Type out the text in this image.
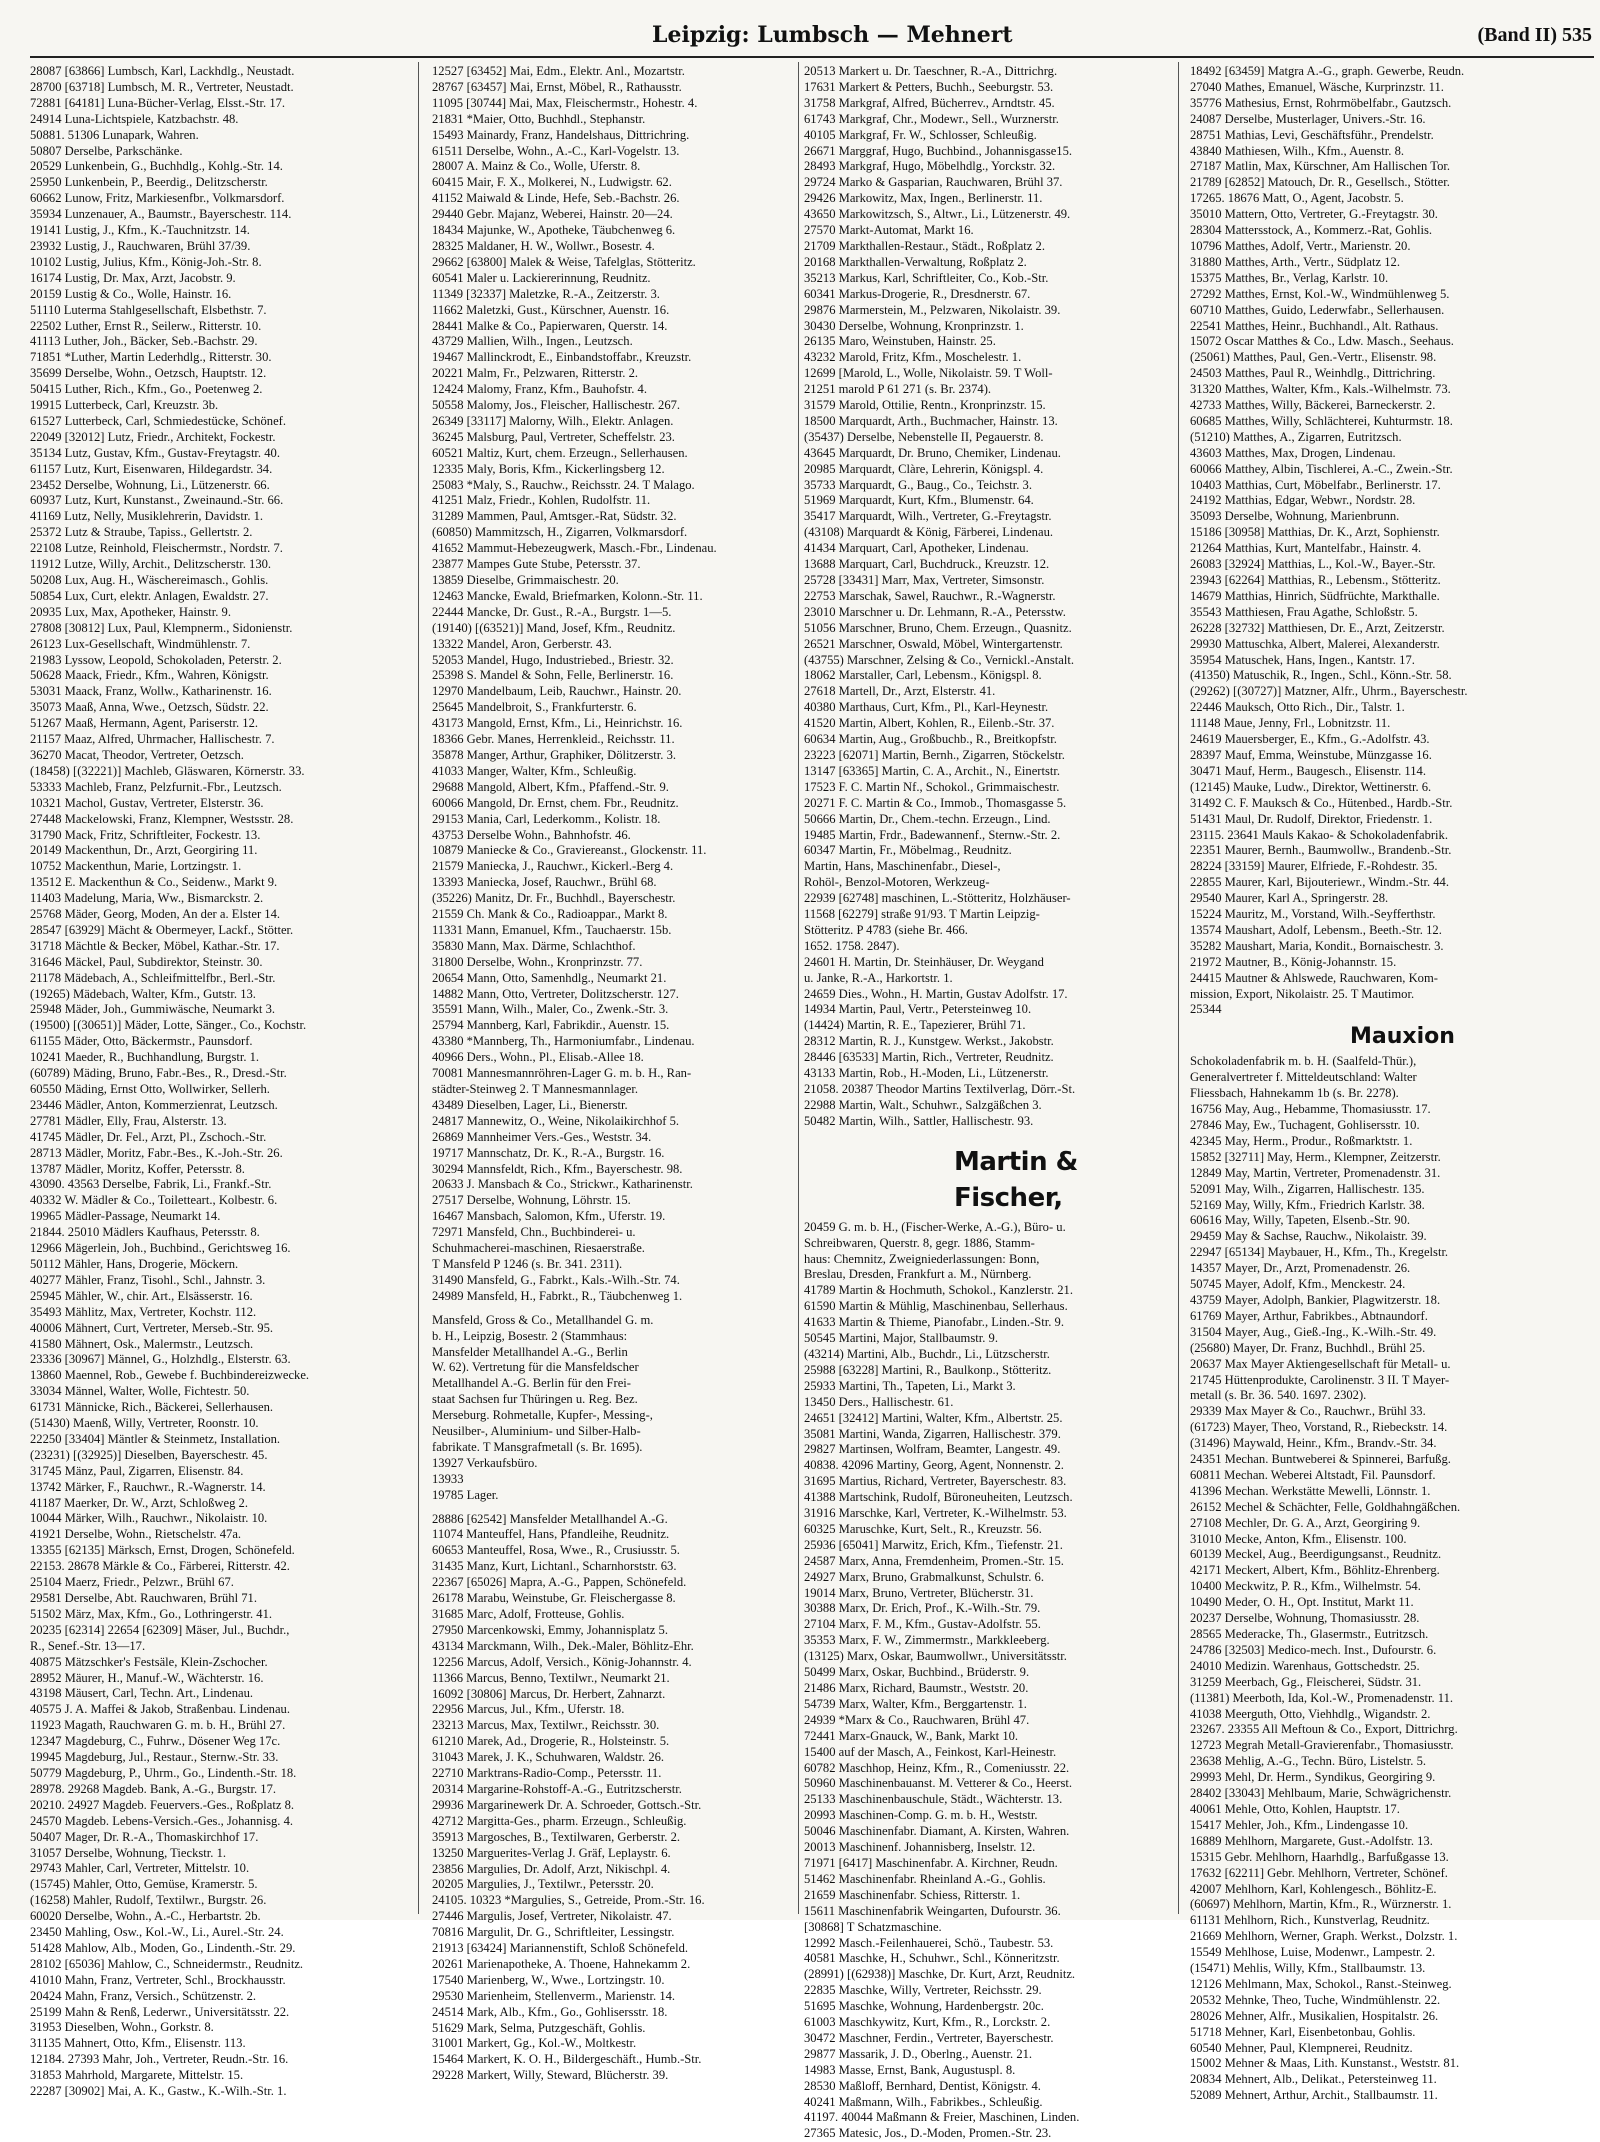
Leipzig: Lumbsch — Mehnert	(Band II) 535
28087 [63866] Lumbsch, Karl, Lackhdlg., Neustadt.
28700 [63718] Lumbsch, M. R., Vertreter, Neustadt.
72881 [64181] Luna-Bücher-Verlag, Elsst.-Str. 17.
24914 Luna-Lichtspiele, Katzbachstr. 48.
50881. 51306 Lunapark, Wahren.
50807 Derselbe, Parkschänke.
20529 Lunkenbein, G., Buchhdlg., Kohlg.-Str. 14.
25950 Lunkenbein, P., Beerdig., Delitzscherstr.
60662 Lunow, Fritz, Markiesenfbr., Volkmarsdorf.
35934 Lunzenauer, A., Baumstr., Bayerschestr. 114.
19141 Lustig, J., Kfm., K.-Tauchnitzstr. 14.
23932 Lustig, J., Rauchwaren, Brühl 37/39.
10102 Lustig, Julius, Kfm., König-Joh.-Str. 8.
16174 Lustig, Dr. Max, Arzt, Jacobstr. 9.
20159 Lustig & Co., Wolle, Hainstr. 16.
51110 Luterma Stahlgesellschaft, Elsbethstr. 7.
22502 Luther, Ernst R., Seilerw., Ritterstr. 10.
41113 Luther, Joh., Bäcker, Seb.-Bachstr. 29.
71851 *Luther, Martin Lederhdlg., Ritterstr. 30.
35699 Derselbe, Wohn., Oetzsch, Hauptstr. 12.
50415 Luther, Rich., Kfm., Go., Poetenweg 2.
19915 Lutterbeck, Carl, Kreuzstr. 3b.
61527 Lutterbeck, Carl, Schmiedestücke, Schönef.
22049 [32012] Lutz, Friedr., Architekt, Fockestr.
35134 Lutz, Gustav, Kfm., Gustav-Freytagstr. 40.
61157 Lutz, Kurt, Eisenwaren, Hildegardstr. 34.
23452 Derselbe, Wohnung, Li., Lützenerstr. 66.
60937 Lutz, Kurt, Kunstanst., Zweinaund.-Str. 66.
41169 Lutz, Nelly, Musiklehrerin, Davidstr. 1.
25372 Lutz & Straube, Tapiss., Gellertstr. 2.
22108 Lutze, Reinhold, Fleischermstr., Nordstr. 7.
11912 Lutze, Willy, Archit., Delitzscherstr. 130.
50208 Lux, Aug. H., Wäschereimasch., Gohlis.
50854 Lux, Curt, elektr. Anlagen, Ewaldstr. 27.
20935 Lux, Max, Apotheker, Hainstr. 9.
27808 [30812] Lux, Paul, Klempnerm., Sidonienstr.
26123 Lux-Gesellschaft, Windmühlenstr. 7.
21983 Lyssow, Leopold, Schokoladen, Peterstr. 2.
50628 Maack, Friedr., Kfm., Wahren, Königstr.
53031 Maack, Franz, Wollw., Katharinenstr. 16.
35073 Maaß, Anna, Wwe., Oetzsch, Südstr. 22.
51267 Maaß, Hermann, Agent, Pariserstr. 12.
21157 Maaz, Alfred, Uhrmacher, Hallischestr. 7.
36270 Macat, Theodor, Vertreter, Oetzsch.
(18458) [(32221)] Machleb, Gläswaren, Körnerstr. 33.
53333 Machleb, Franz, Pelzfurnit.-Fbr., Leutzsch.
10321 Machol, Gustav, Vertreter, Elsterstr. 36.
27448 Mackelowski, Franz, Klempner, Westsstr. 28.
31790 Mack, Fritz, Schriftleiter, Fockestr. 13.
20149 Mackenthun, Dr., Arzt, Georgiring 11.
10752 Mackenthun, Marie, Lortzingstr. 1.
13512 E. Mackenthun & Co., Seidenw., Markt 9.
11403 Madelung, Maria, Ww., Bismarckstr. 2.
25768 Mäder, Georg, Moden, An der a. Elster 14.
28547 [63929] Mächt & Obermeyer, Lackf., Stötter.
31718 Mächtle & Becker, Möbel, Kathar.-Str. 17.
31646 Mäckel, Paul, Subdirektor, Steinstr. 30.
21178 Mädebach, A., Schleifmittelfbr., Berl.-Str.
(19265) Mädebach, Walter, Kfm., Gutstr. 13.
25948 Mäder, Joh., Gummiwäsche, Neumarkt 3.
(19500) [(30651)] Mäder, Lotte, Sänger., Co., Kochstr.
61155 Mäder, Otto, Bäckermstr., Paunsdorf.
10241 Maeder, R., Buchhandlung, Burgstr. 1.
(60789) Mäding, Bruno, Fabr.-Bes., R., Dresd.-Str.
60550 Mäding, Ernst Otto, Wollwirker, Sellerh.
23446 Mädler, Anton, Kommerzienrat, Leutzsch.
27781 Mädler, Elly, Frau, Alsterstr. 13.
41745 Mädler, Dr. Fel., Arzt, Pl., Zschoch.-Str.
28713 Mädler, Moritz, Fabr.-Bes., K.-Joh.-Str. 26.
13787 Mädler, Moritz, Koffer, Petersstr. 8.
43090. 43563 Derselbe, Fabrik, Li., Frankf.-Str.
40332 W. Mädler & Co., Toiletteart., Kolbestr. 6.
19965 Mädler-Passage, Neumarkt 14.
21844. 25010 Mädlers Kaufhaus, Petersstr. 8.
12966 Mägerlein, Joh., Buchbind., Gerichtsweg 16.
50112 Mähler, Hans, Drogerie, Möckern.
40277 Mähler, Franz, Tisohl., Schl., Jahnstr. 3.
25945 Mähler, W., chir. Art., Elsässerstr. 16.
35493 Mählitz, Max, Vertreter, Kochstr. 112.
40006 Mähnert, Curt, Vertreter, Merseb.-Str. 95.
41580 Mähnert, Osk., Malermstr., Leutzsch.
23336 [30967] Männel, G., Holzhdlg., Elsterstr. 63.
13860 Maennel, Rob., Gewebe f. Buchbindereizwecke.
33034 Männel, Walter, Wolle, Fichtestr. 50.
61731 Männicke, Rich., Bäckerei, Sellerhausen.
(51430) Maenß, Willy, Vertreter, Roonstr. 10.
22250 [33404] Mäntler & Steinmetz, Installation.
(23231) [(32925)] Dieselben, Bayerschestr. 45.
31745 Mänz, Paul, Zigarren, Elisenstr. 84.
13742 Märker, F., Rauchwr., R.-Wagnerstr. 14.
41187 Maerker, Dr. W., Arzt, Schloßweg 2.
10044 Märker, Wilh., Rauchwr., Nikolaistr. 10.
41921 Derselbe, Wohn., Rietschelstr. 47a.
13355 [62135] Märksch, Ernst, Drogen, Schönefeld.
22153. 28678 Märkle & Co., Färberei, Ritterstr. 42.
25104 Maerz, Friedr., Pelzwr., Brühl 67.
29581 Derselbe, Abt. Rauchwaren, Brühl 71.
51502 März, Max, Kfm., Go., Lothringerstr. 41.
20235 [62314] 22654 [62309] Mäser, Jul., Buchdr.,
R., Senef.-Str. 13—17.
40875 Mätzschker's Festsäle, Klein-Zschocher.
28952 Mäurer, H., Manuf.-W., Wächterstr. 16.
43198 Mäusert, Carl, Techn. Art., Lindenau.
40575 J. A. Maffei & Jakob, Straßenbau. Lindenau.
11923 Magath, Rauchwaren G. m. b. H., Brühl 27.
12347 Magdeburg, C., Fuhrw., Dösener Weg 17c.
19945 Magdeburg, Jul., Restaur., Sternw.-Str. 33.
50779 Magdeburg, P., Uhrm., Go., Lindenth.-Str. 18.
28978. 29268 Magdeb. Bank, A.-G., Burgstr. 17.
20210. 24927 Magdeb. Feuervers.-Ges., Roßplatz 8.
24570 Magdeb. Lebens-Versich.-Ges., Johannisg. 4.
50407 Mager, Dr. R.-A., Thomaskirchhof 17.
31057 Derselbe, Wohnung, Tieckstr. 1.
29743 Mahler, Carl, Vertreter, Mittelstr. 10.
(15745) Mahler, Otto, Gemüse, Kramerstr. 5.
(16258) Mahler, Rudolf, Textilwr., Burgstr. 26.
60020 Derselbe, Wohn., A.-C., Herbartstr. 2b.
23450 Mahling, Osw., Kol.-W., Li., Aurel.-Str. 24.
51428 Mahlow, Alb., Moden, Go., Lindenth.-Str. 29.
28102 [65036] Mahlow, C., Schneidermstr., Reudnitz.
41010 Mahn, Franz, Vertreter, Schl., Brockhausstr.
20424 Mahn, Franz, Versich., Schützenstr. 2.
25199 Mahn & Renß, Lederwr., Universitätsstr. 22.
31953 Dieselben, Wohn., Gorkstr. 8.
31135 Mahnert, Otto, Kfm., Elisenstr. 113.
12184. 27393 Mahr, Joh., Vertreter, Reudn.-Str. 16.
31853 Mahrhold, Margarete, Mittelstr. 15.
22287 [30902] Mai, A. K., Gastw., K.-Wilh.-Str. 1.
12527 [63452] Mai, Edm., Elektr. Anl., Mozartstr.
28767 [63457] Mai, Ernst, Möbel, R., Rathausstr.
11095 [30744] Mai, Max, Fleischermstr., Hohestr. 4.
21831 *Maier, Otto, Buchhdl., Stephanstr.
15493 Mainardy, Franz, Handelshaus, Dittrichring.
61511 Derselbe, Wohn., A.-C., Karl-Vogelstr. 13.
28007 A. Mainz & Co., Wolle, Uferstr. 8.
60415 Mair, F. X., Molkerei, N., Ludwigstr. 62.
41152 Maiwald & Linde, Hefe, Seb.-Bachstr. 26.
29440 Gebr. Majanz, Weberei, Hainstr. 20—24.
18434 Majunke, W., Apotheke, Täubchenweg 6.
28325 Maldaner, H. W., Wollwr., Bosestr. 4.
29662 [63800] Malek & Weise, Tafelglas, Stötteritz.
60541 Maler u. Lackiererinnung, Reudnitz.
11349 [32337] Maletzke, R.-A., Zeitzerstr. 3.
11662 Maletzki, Gust., Kürschner, Auenstr. 16.
28441 Malke & Co., Papierwaren, Querstr. 14.
43729 Mallien, Wilh., Ingen., Leutzsch.
19467 Mallinckrodt, E., Einbandstoffabr., Kreuzstr.
20221 Malm, Fr., Pelzwaren, Ritterstr. 2.
12424 Malomy, Franz, Kfm., Bauhofstr. 4.
50558 Malomy, Jos., Fleischer, Hallischestr. 267.
26349 [33117] Malorny, Wilh., Elektr. Anlagen.
36245 Malsburg, Paul, Vertreter, Scheffelstr. 23.
60521 Maltiz, Kurt, chem. Erzeugn., Sellerhausen.
12335 Maly, Boris, Kfm., Kickerlingsberg 12.
25083 *Maly, S., Rauchw., Reichsstr. 24. T Malago.
41251 Malz, Friedr., Kohlen, Rudolfstr. 11.
31289 Mammen, Paul, Amtsger.-Rat, Südstr. 32.
(60850) Mammitzsch, H., Zigarren, Volkmarsdorf.
41652 Mammut-Hebezeugwerk, Masch.-Fbr., Lindenau.
23877 Mampes Gute Stube, Petersstr. 37.
13859 Dieselbe, Grimmaischestr. 20.
12463 Mancke, Ewald, Briefmarken, Kolonn.-Str. 11.
22444 Mancke, Dr. Gust., R.-A., Burgstr. 1—5.
(19140) [(63521)] Mand, Josef, Kfm., Reudnitz.
13322 Mandel, Aron, Gerberstr. 43.
52053 Mandel, Hugo, Industriebed., Briestr. 32.
25398 S. Mandel & Sohn, Felle, Berlinerstr. 16.
12970 Mandelbaum, Leib, Rauchwr., Hainstr. 20.
25645 Mandelbroit, S., Frankfurterstr. 6.
43173 Mangold, Ernst, Kfm., Li., Heinrichstr. 16.
18366 Gebr. Manes, Herrenkleid., Reichsstr. 11.
35878 Manger, Arthur, Graphiker, Dölitzerstr. 3.
41033 Manger, Walter, Kfm., Schleußig.
29688 Mangold, Albert, Kfm., Pfaffend.-Str. 9.
60066 Mangold, Dr. Ernst, chem. Fbr., Reudnitz.
29153 Mania, Carl, Lederkomm., Kolistr. 18.
43753 Derselbe Wohn., Bahnhofstr. 46.
10879 Maniecke & Co., Graviereanst., Glockenstr. 11.
21579 Maniecka, J., Rauchwr., Kickerl.-Berg 4.
13393 Maniecka, Josef, Rauchwr., Brühl 68.
(35226) Manitz, Dr. Fr., Buchhdl., Bayerschestr.
21559 Ch. Mank & Co., Radioappar., Markt 8.
11331 Mann, Emanuel, Kfm., Tauchaerstr. 15b.
35830 Mann, Max. Därme, Schlachthof.
31800 Derselbe, Wohn., Kronprinzstr. 77.
20654 Mann, Otto, Samenhdlg., Neumarkt 21.
14882 Mann, Otto, Vertreter, Dolitzscherstr. 127.
35591 Mann, Wilh., Maler, Co., Zwenk.-Str. 3.
25794 Mannberg, Karl, Fabrikdir., Auenstr. 15.
43380 *Mannberg, Th., Harmoniumfabr., Lindenau.
40966 Ders., Wohn., Pl., Elisab.-Allee 18.
70081 Mannesmannröhren-Lager G. m. b. H., Ran-
städter-Steinweg 2. T Mannesmannlager.
43489 Dieselben, Lager, Li., Bienerstr.
24817 Mannewitz, O., Weine, Nikolaikirchhof 5.
26869 Mannheimer Vers.-Ges., Weststr. 34.
19717 Mannschatz, Dr. K., R.-A., Burgstr. 16.
30294 Mannsfeldt, Rich., Kfm., Bayerschestr. 98.
20633 J. Mansbach & Co., Strickwr., Katharinenstr.
27517 Derselbe, Wohnung, Löhrstr. 15.
16467 Mansbach, Salomon, Kfm., Uferstr. 19.
72971 Mansfeld, Chn., Buchbinderei- u.
Schuhmacherei-maschinen, Riesaerstraße.
T Mansfeld P 1246 (s. Br. 341. 2311).
31490 Mansfeld, G., Fabrkt., Kals.-Wilh.-Str. 74.
24989 Mansfeld, H., Fabrkt., R., Täubchenweg 1.

Mansfeld, Gross & Co., Metallhandel G. m.
b. H., Leipzig, Bosestr. 2 (Stammhaus:
Mansfelder Metallhandel A.-G., Berlin
W. 62). Vertretung für die Mansfeldscher
Metallhandel A.-G. Berlin für den Frei-
staat Sachsen fur Thüringen u. Reg. Bez.
Merseburg. Rohmetalle, Kupfer-, Messing-,
Neusilber-, Aluminium- und Silber-Halb-
fabrikate. T Mansgrafmetall (s. Br. 1695).
13927 Verkaufsbüro.
13933
19785 Lager.

28886 [62542] Mansfelder Metallhandel A.-G.
11074 Manteuffel, Hans, Pfandleihe, Reudnitz.
60653 Manteuffel, Rosa, Wwe., R., Crusiusstr. 5.
31435 Manz, Kurt, Lichtanl., Scharnhorststr. 63.
22367 [65026] Mapra, A.-G., Pappen, Schönefeld.
26178 Marabu, Weinstube, Gr. Fleischergasse 8.
31685 Marc, Adolf, Frotteuse, Gohlis.
27950 Marcenkowski, Emmy, Johannisplatz 5.
43134 Marckmann, Wilh., Dek.-Maler, Böhlitz-Ehr.
12256 Marcus, Adolf, Versich., König-Johannstr. 4.
11366 Marcus, Benno, Textilwr., Neumarkt 21.
16092 [30806] Marcus, Dr. Herbert, Zahnarzt.
22956 Marcus, Jul., Kfm., Uferstr. 18.
23213 Marcus, Max, Textilwr., Reichsstr. 30.
61210 Marek, Ad., Drogerie, R., Holsteinstr. 5.
31043 Marek, J. K., Schuhwaren, Waldstr. 26.
22710 Marktrans-Radio-Comp., Petersstr. 11.
20314 Margarine-Rohstoff-A.-G., Eutritzscherstr.
29936 Margarinewerk Dr. A. Schroeder, Gottsch.-Str.
42712 Margitta-Ges., pharm. Erzeugn., Schleußig.
35913 Margosches, B., Textilwaren, Gerberstr. 2.
13250 Marguerites-Verlag J. Gräf, Leplaystr. 6.
23856 Margulies, Dr. Adolf, Arzt, Nikischpl. 4.
20205 Margulies, J., Textilwr., Petersstr. 20.
24105. 10323 *Margulies, S., Getreide, Prom.-Str. 16.
27446 Margulis, Josef, Vertreter, Nikolaistr. 47.
70816 Margulit, Dr. G., Schriftleiter, Lessingstr.
21913 [63424] Mariannenstift, Schloß Schönefeld.
20261 Marienapotheke, A. Thoene, Hahnekamm 2.
17540 Marienberg, W., Wwe., Lortzingstr. 10.
29530 Marienheim, Stellenverm., Marienstr. 14.
24514 Mark, Alb., Kfm., Go., Gohlisersstr. 18.
51629 Mark, Selma, Putzgeschäft, Gohlis.
31001 Markert, Gg., Kol.-W., Moltkestr.
15464 Markert, K. O. H., Bildergeschäft., Humb.-Str.
29228 Markert, Willy, Steward, Blücherstr. 39.
20513 Markert u. Dr. Taeschner, R.-A., Dittrichrg.
17631 Markert & Petters, Buchh., Seeburgstr. 53.
31758 Markgraf, Alfred, Bücherrev., Arndtstr. 45.
61743 Markgraf, Chr., Modewr., Sell., Wurznerstr.
40105 Markgraf, Fr. W., Schlosser, Schleußig.
26671 Marggraf, Hugo, Buchbind., Johannisgasse15.
28493 Markgraf, Hugo, Möbelhdlg., Yorckstr. 32.
29724 Marko & Gasparian, Rauchwaren, Brühl 37.
29426 Markowitz, Max, Ingen., Berlinerstr. 11.
43650 Markowitzsch, S., Altwr., Li., Lützenerstr. 49.
27570 Markt-Automat, Markt 16.
21709 Markthallen-Restaur., Städt., Roßplatz 2.
20168 Markthallen-Verwaltung, Roßplatz 2.
35213 Markus, Karl, Schriftleiter, Co., Kob.-Str.
60341 Markus-Drogerie, R., Dresdnerstr. 67.
29876 Marmerstein, M., Pelzwaren, Nikolaistr. 39.
30430 Derselbe, Wohnung, Kronprinzstr. 1.
26135 Maro, Weinstuben, Hainstr. 25.
43232 Marold, Fritz, Kfm., Moschelestr. 1.
12699 [Marold, L., Wolle, Nikolaistr. 59. T Woll-
21251 marold P 61 271 (s. Br. 2374).
31579 Marold, Ottilie, Rentn., Kronprinzstr. 15.
18500 Marquardt, Arth., Buchmacher, Hainstr. 13.
(35437) Derselbe, Nebenstelle II, Pegauerstr. 8.
43645 Marquardt, Dr. Bruno, Chemiker, Lindenau.
20985 Marquardt, Clàre, Lehrerin, Königspl. 4.
35733 Marquardt, G., Baug., Co., Teichstr. 3.
51969 Marquardt, Kurt, Kfm., Blumenstr. 64.
35417 Marquardt, Wilh., Vertreter, G.-Freytagstr.
(43108) Marquardt & König, Färberei, Lindenau.
41434 Marquart, Carl, Apotheker, Lindenau.
13688 Marquart, Carl, Buchdruck., Kreuzstr. 12.
25728 [33431] Marr, Max, Vertreter, Simsonstr.
22753 Marschak, Sawel, Rauchwr., R.-Wagnerstr.
23010 Marschner u. Dr. Lehmann, R.-A., Petersstw.
51056 Marschner, Bruno, Chem. Erzeugn., Quasnitz.
26521 Marschner, Oswald, Möbel, Wintergartenstr.
(43755) Marschner, Zelsing & Co., Vernickl.-Anstalt.
18062 Marstaller, Carl, Lebensm., Königspl. 8.
27618 Martell, Dr., Arzt, Elsterstr. 41.
40380 Marthaus, Curt, Kfm., Pl., Karl-Heynestr.
41520 Martin, Albert, Kohlen, R., Eilenb.-Str. 37.
60634 Martin, Aug., Großbuchb., R., Breitkopfstr.
23223 [62071] Martin, Bernh., Zigarren, Stöckelstr.
13147 [63365] Martin, C. A., Archit., N., Einertstr.
17523 F. C. Martin Nf., Schokol., Grimmaischestr.
20271 F. C. Martin & Co., Immob., Thomasgasse 5.
50666 Martin, Dr., Chem.-techn. Erzeugn., Lind.
19485 Martin, Frdr., Badewannenf., Sternw.-Str. 2.
60347 Martin, Fr., Möbelmag., Reudnitz.
Martin, Hans, Maschinenfabr., Diesel-,
Rohöl-, Benzol-Motoren, Werkzeug-
22939 [62748] maschinen, L.-Stötteritz, Holzhäuser-
11568 [62279] straße 91/93. T Martin Leipzig-
Stötteritz. P 4783 (siehe Br. 466.
1652. 1758. 2847).
24601 H. Martin, Dr. Steinhäuser, Dr. Weygand
u. Janke, R.-A., Harkortstr. 1.
24659 Dies., Wohn., H. Martin, Gustav Adolfstr. 17.
14934 Martin, Paul, Vertr., Petersteinweg 10.
(14424) Martin, R. E., Tapezierer, Brühl 71.
28312 Martin, R. J., Kunstgew. Werkst., Jakobstr.
28446 [63533] Martin, Rich., Vertreter, Reudnitz.
43133 Martin, Rob., H.-Moden, Li., Lützenerstr.
21058. 20387 Theodor Martins Textilverlag, Dörr.-St.
22988 Martin, Walt., Schuhwr., Salzgäßchen 3.
50482 Martin, Wilh., Sattler, Hallischestr. 93.

Martin & Fischer,
20459 G. m. b. H., (Fischer-Werke, A.-G.), Büro- u.
Schreibwaren, Querstr. 8, gegr. 1886, Stamm-
haus: Chemnitz, Zweigniederlassungen: Bonn,
Breslau, Dresden, Frankfurt a. M., Nürnberg.
41789 Martin & Hochmuth, Schokol., Kanzlerstr. 21.
61590 Martin & Mühlig, Maschinenbau, Sellerhaus.
41633 Martin & Thieme, Pianofabr., Linden.-Str. 9.
50545 Martini, Major, Stallbaumstr. 9.
(43214) Martini, Alb., Buchdr., Li., Lützscherstr.
25988 [63228] Martini, R., Baulkonp., Stötteritz.
25933 Martini, Th., Tapeten, Li., Markt 3.
13450 Ders., Hallischestr. 61.
24651 [32412] Martini, Walter, Kfm., Albertstr. 25.
35081 Martini, Wanda, Zigarren, Hallischestr. 379.
29827 Martinsen, Wolfram, Beamter, Langestr. 49.
40838. 42096 Martiny, Georg, Agent, Nonnenstr. 2.
31695 Martius, Richard, Vertreter, Bayerschestr. 83.
41388 Martschink, Rudolf, Büroneuheiten, Leutzsch.
31916 Marschke, Karl, Vertreter, K.-Wilhelmstr. 53.
60325 Maruschke, Kurt, Selt., R., Kreuzstr. 56.
25936 [65041] Marwitz, Erich, Kfm., Tiefenstr. 21.
24587 Marx, Anna, Fremdenheim, Promen.-Str. 15.
24927 Marx, Bruno, Grabmalkunst, Schulstr. 6.
19014 Marx, Bruno, Vertreter, Blücherstr. 31.
30388 Marx, Dr. Erich, Prof., K.-Wilh.-Str. 79.
27104 Marx, F. M., Kfm., Gustav-Adolfstr. 55.
35353 Marx, F. W., Zimmermstr., Markkleeberg.
(13125) Marx, Oskar, Baumwollwr., Universitätsstr.
50499 Marx, Oskar, Buchbind., Brüderstr. 9.
21486 Marx, Richard, Baumstr., Weststr. 20.
54739 Marx, Walter, Kfm., Berggartenstr. 1.
24939 *Marx & Co., Rauchwaren, Brühl 47.
72441 Marx-Gnauck, W., Bank, Markt 10.
15400 auf der Masch, A., Feinkost, Karl-Heinestr.
60782 Maschhop, Heinz, Kfm., R., Comeniusstr. 22.
50960 Maschinenbauanst. M. Vetterer & Co., Heerst.
25133 Maschinenbauschule, Städt., Wächterstr. 13.
20993 Maschinen-Comp. G. m. b. H., Weststr.
50046 Maschinenfabr. Diamant, A. Kirsten, Wahren.
20013 Maschinenf. Johannisberg, Inselstr. 12.
71971 [6417] Maschinenfabr. A. Kirchner, Reudn.
51462 Maschinenfabr. Rheinland A.-G., Gohlis.
21659 Maschinenfabr. Schiess, Ritterstr. 1.
15611 Maschinenfabrik Weingarten, Dufourstr. 36.
[30868] T Schatzmaschine.
12992 Masch.-Feilenhauerei, Schö., Taubestr. 53.
40581 Maschke, H., Schuhwr., Schl., Könneritzstr.
(28991) [(62938)] Maschke, Dr. Kurt, Arzt, Reudnitz.
22835 Maschke, Willy, Vertreter, Reichsstr. 29.
51695 Maschke, Wohnung, Hardenbergstr. 20c.
61003 Maschkywitz, Kurt, Kfm., R., Lorckstr. 2.
30472 Maschner, Ferdin., Vertreter, Bayerschestr.
29877 Massarik, J. D., Oberlng., Auenstr. 21.
14983 Masse, Ernst, Bank, Augustuspl. 8.
28530 Maßloff, Bernhard, Dentist, Königstr. 4.
40241 Maßmann, Wilh., Fabrikbes., Schleußig.
41197. 40044 Maßmann & Freier, Maschinen, Linden.
27365 Matesic, Jos., D.-Moden, Promen.-Str. 23.
18492 [63459] Matgra A.-G., graph. Gewerbe, Reudn.
27040 Mathes, Emanuel, Wäsche, Kurprinzstr. 11.
35776 Mathesius, Ernst, Rohrmöbelfabr., Gautzsch.
24087 Derselbe, Musterlager, Univers.-Str. 16.
28751 Mathias, Levi, Geschäftsführ., Prendelstr.
43840 Mathiesen, Wilh., Kfm., Auenstr. 8.
27187 Matlin, Max, Kürschner, Am Hallischen Tor.
21789 [62852] Matouch, Dr. R., Gesellsch., Stötter.
17265. 18676 Matt, O., Agent, Jacobstr. 5.
35010 Mattern, Otto, Vertreter, G.-Freytagstr. 30.
28304 Mattersstock, A., Kommerz.-Rat, Gohlis.
10796 Matthes, Adolf, Vertr., Marienstr. 20.
31880 Matthes, Arth., Vertr., Südplatz 12.
15375 Matthes, Br., Verlag, Karlstr. 10.
27292 Matthes, Ernst, Kol.-W., Windmühlenweg 5.
60710 Matthes, Guido, Lederwfabr., Sellerhausen.
22541 Matthes, Heinr., Buchhandl., Alt. Rathaus.
15072 Oscar Matthes & Co., Ldw. Masch., Seehaus.
(25061) Matthes, Paul, Gen.-Vertr., Elisenstr. 98.
24503 Matthes, Paul R., Weinhdlg., Dittrichring.
31320 Matthes, Walter, Kfm., Kals.-Wilhelmstr. 73.
42733 Matthes, Willy, Bäckerei, Barneckerstr. 2.
60685 Matthes, Willy, Schlächterei, Kuhturmstr. 18.
(51210) Matthes, A., Zigarren, Eutritzsch.
43603 Matthes, Max, Drogen, Lindenau.
60066 Matthey, Albin, Tischlerei, A.-C., Zwein.-Str.
10403 Matthias, Curt, Möbelfabr., Berlinerstr. 17.
24192 Matthias, Edgar, Webwr., Nordstr. 28.
35093 Derselbe, Wohnung, Marienbrunn.
15186 [30958] Matthias, Dr. K., Arzt, Sophienstr.
21264 Matthias, Kurt, Mantelfabr., Hainstr. 4.
26083 [32924] Matthias, L., Kol.-W., Bayer.-Str.
23943 [62264] Matthias, R., Lebensm., Stötteritz.
14679 Matthias, Hinrich, Südfrüchte, Markthalle.
35543 Matthiesen, Frau Agathe, Schloßstr. 5.
26228 [32732] Matthiesen, Dr. E., Arzt, Zeitzerstr.
29930 Mattuschka, Albert, Malerei, Alexanderstr.
35954 Matuschek, Hans, Ingen., Kantstr. 17.
(41350) Matuschik, R., Ingen., Schl., Könn.-Str. 58.
(29262) [(30727)] Matzner, Alfr., Uhrm., Bayerschestr.
22446 Mauksch, Otto Rich., Dir., Talstr. 1.
11148 Maue, Jenny, Frl., Lobnitzstr. 11.
24619 Mauersberger, E., Kfm., G.-Adolfstr. 43.
28397 Mauf, Emma, Weinstube, Münzgasse 16.
30471 Mauf, Herm., Baugesch., Elisenstr. 114.
(12145) Mauke, Ludw., Direktor, Wettinerstr. 6.
31492 C. F. Mauksch & Co., Hütenbed., Hardb.-Str.
51431 Maul, Dr. Rudolf, Direktor, Friedenstr. 1.
23115. 23641 Mauls Kakao- & Schokoladenfabrik.
22351 Maurer, Bernh., Baumwollw., Brandenb.-Str.
28224 [33159] Maurer, Elfriede, F.-Rohdestr. 35.
22855 Maurer, Karl, Bijouteriewr., Windm.-Str. 44.
29540 Maurer, Karl A., Springerstr. 28.
15224 Mauritz, M., Vorstand, Wilh.-Seyfferthstr.
13574 Maushart, Adolf, Lebensm., Beeth.-Str. 12.
35282 Maushart, Maria, Kondit., Bornaischestr. 3.
21972 Mautner, B., König-Johannstr. 15.
24415 Mautner & Ahlswede, Rauchwaren, Kom-
mission, Export, Nikolaistr. 25. T Mautimor.
25344
Mauxion
Schokoladenfabrik m. b. H. (Saalfeld-Thür.),
Generalvertreter f. Mitteldeutschland: Walter
Fliessbach, Hahnekamm 1b (s. Br. 2278).
16756 May, Aug., Hebamme, Thomasiusstr. 17.
27846 May, Ew., Tuchagent, Gohlisersstr. 10.
42345 May, Herm., Produr., Roßmarktstr. 1.
15852 [32711] May, Herm., Klempner, Zeitzerstr.
12849 May, Martin, Vertreter, Promenadenstr. 31.
52091 May, Wilh., Zigarren, Hallischestr. 135.
52169 May, Willy, Kfm., Friedrich Karlstr. 38.
60616 May, Willy, Tapeten, Elsenb.-Str. 90.
29459 May & Sachse, Rauchw., Nikolaistr. 39.
22947 [65134] Maybauer, H., Kfm., Th., Kregelstr.
14357 Mayer, Dr., Arzt, Promenadenstr. 26.
50745 Mayer, Adolf, Kfm., Menckestr. 24.
43759 Mayer, Adolph, Bankier, Plagwitzerstr. 18.
61769 Mayer, Arthur, Fabrikbes., Abtnaundorf.
31504 Mayer, Aug., Gieß.-Ing., K.-Wilh.-Str. 49.
(25680) Mayer, Dr. Franz, Buchhdl., Brühl 25.
20637 Max Mayer Aktiengesellschaft für Metall- u.
21745 Hüttenprodukte, Carolinenstr. 3 II. T Mayer-
metall (s. Br. 36. 540. 1697. 2302).
29339 Max Mayer & Co., Rauchwr., Brühl 33.
(61723) Mayer, Theo, Vorstand, R., Riebeckstr. 14.
(31496) Maywald, Heinr., Kfm., Brandv.-Str. 34.
24351 Mechan. Buntweberei & Spinnerei, Barfußg.
60811 Mechan. Weberei Altstadt, Fil. Paunsdorf.
41396 Mechan. Werkstätte Mewelli, Lönnstr. 1.
26152 Mechel & Schächter, Felle, Goldhahngäßchen.
27108 Mechler, Dr. G. A., Arzt, Georgiring 9.
31010 Mecke, Anton, Kfm., Elisenstr. 100.
60139 Meckel, Aug., Beerdigungsanst., Reudnitz.
42171 Meckert, Albert, Kfm., Böhlitz-Ehrenberg.
10400 Meckwitz, P. R., Kfm., Wilhelmstr. 54.
10490 Meder, O. H., Opt. Institut, Markt 11.
20237 Derselbe, Wohnung, Thomasiusstr. 28.
28565 Mederacke, Th., Glasermstr., Eutritzsch.
24786 [32503] Medico-mech. Inst., Dufourstr. 6.
24010 Medizin. Warenhaus, Gottschedstr. 25.
31259 Meerbach, Gg., Fleischerei, Südstr. 31.
(11381) Meerboth, Ida, Kol.-W., Promenadenstr. 11.
41038 Meerguth, Otto, Viehhdlg., Wigandstr. 2.
23267. 23355 All Meftoun & Co., Export, Dittrichrg.
12723 Megrah Metall-Gravierenfabr., Thomasiusstr.
23638 Mehlig, A.-G., Techn. Büro, Listelstr. 5.
29993 Mehl, Dr. Herm., Syndikus, Georgiring 9.
28402 [33043] Mehlbaum, Marie, Schwägrichenstr.
40061 Mehle, Otto, Kohlen, Hauptstr. 17.
15417 Mehler, Joh., Kfm., Lindengasse 10.
16889 Mehlhorn, Margarete, Gust.-Adolfstr. 13.
15315 Gebr. Mehlhorn, Haarhdlg., Barfußgasse 13.
17632 [62211] Gebr. Mehlhorn, Vertreter, Schönef.
42007 Mehlhorn, Karl, Kohlengesch., Böhlitz-E.
(60697) Mehlhorn, Martin, Kfm., R., Würznerstr. 1.
61131 Mehlhorn, Rich., Kunstverlag, Reudnitz.
21669 Mehlhorn, Werner, Graph. Werkst., Dolzstr. 1.
15549 Mehlhose, Luise, Modenwr., Lampestr. 2.
(15471) Mehlis, Willy, Kfm., Stallbaumstr. 13.
12126 Mehlmann, Max, Schokol., Ranst.-Steinweg.
20532 Mehnke, Theo, Tuche, Windmühlenstr. 22.
28026 Mehner, Alfr., Musikalien, Hospitalstr. 26.
51718 Mehner, Karl, Eisenbetonbau, Gohlis.
60540 Mehner, Paul, Klempnerei, Reudnitz.
15002 Mehner & Maas, Lith. Kunstanst., Weststr. 81.
20834 Mehnert, Alb., Delikat., Petersteinweg 11.
52089 Mehnert, Arthur, Archit., Stallbaumstr. 11.
